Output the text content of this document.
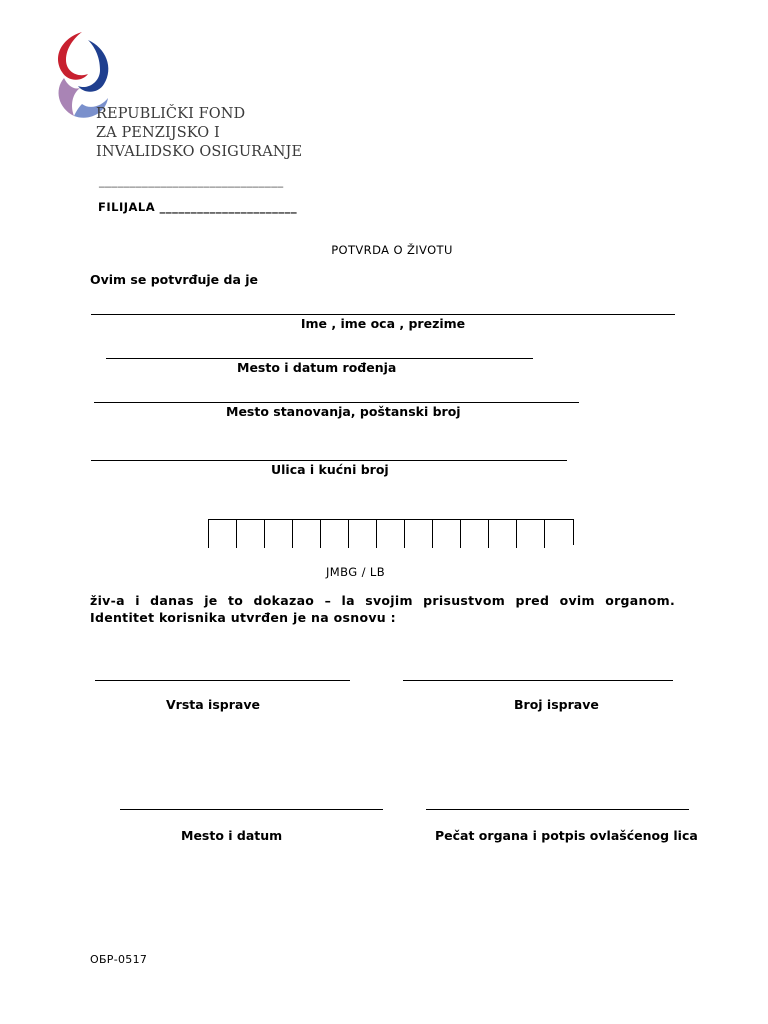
REPUBLIČKI FOND
ZA PENZIJSKO I
INVALIDSKO OSIGURANJE
______________________________
FILIJALA ______________________
POTVRDA O ŽIVOTU
Ovim se potvrđuje da je
Ime , ime oca , prezime
Mesto i datum rođenja
Mesto stanovanja, poštanski broj
Ulica i kućni broj
JMBG / LB
živ-a i danas je to dokazao – la svojim prisustvom pred ovim organom. Identitet korisnika utvrđen je na osnovu :
Vrsta isprave	Broj isprave
Mesto i datum	Pečat organa i potpis ovlašćenog lica
OБР-0517
